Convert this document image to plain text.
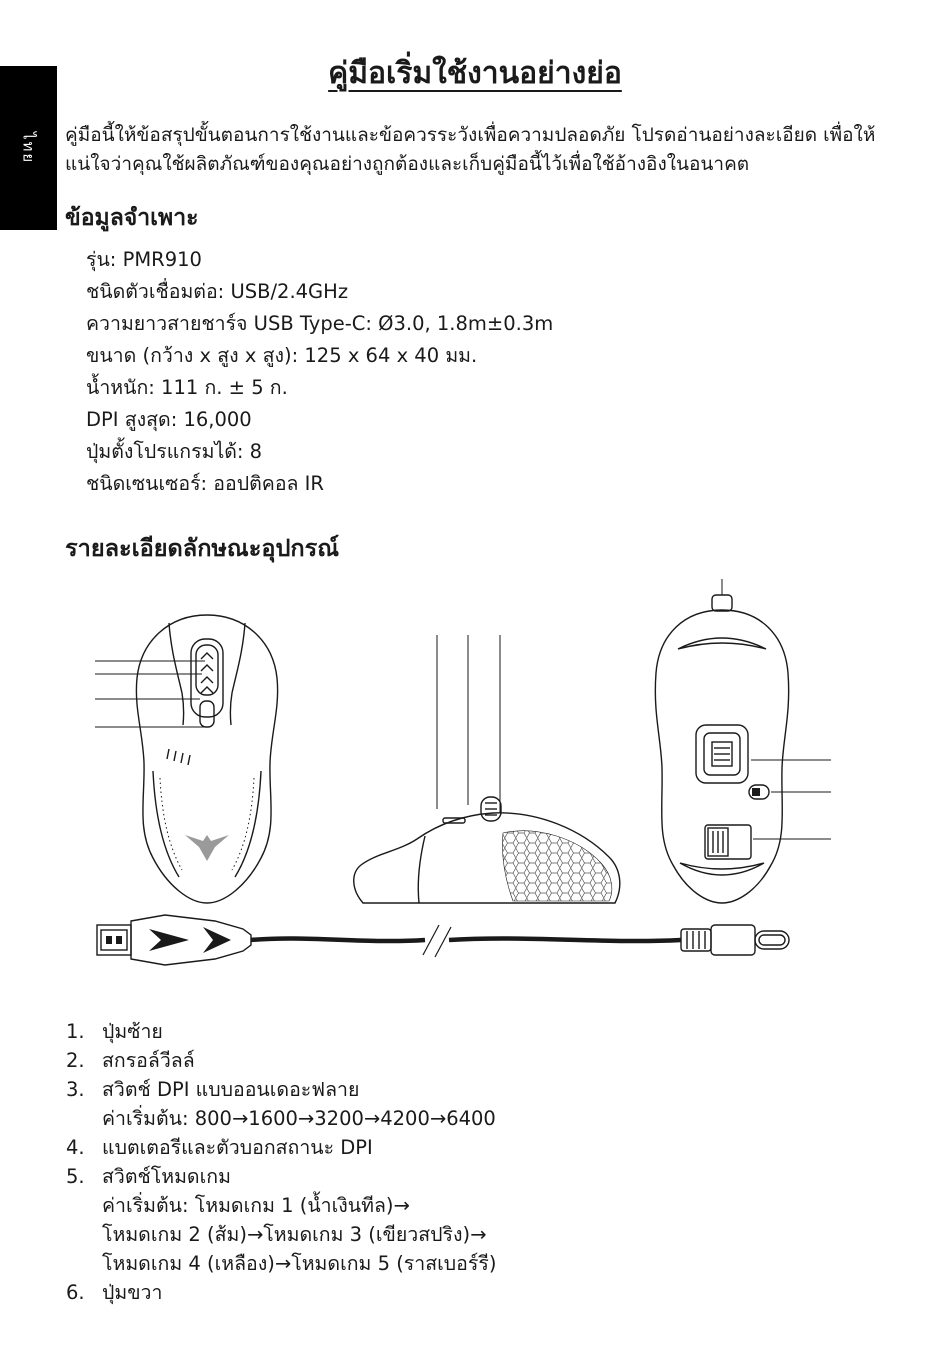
ไทย
คู่มือเริ่มใช้งานอย่างย่อ

คู่มือนี้ให้ข้อสรุปขั้นตอนการใช้งานและข้อควรระวังเพื่อความปลอดภัย โปรดอ่านอย่างละเอียด เพื่อให้แน่ใจว่าคุณใช้ผลิตภัณฑ์ของคุณอย่างถูกต้องและเก็บคู่มือนี้ไว้เพื่อใช้อ้างอิงในอนาคต

ข้อมูลจำเพาะ
รุ่น: PMR910
ชนิดตัวเชื่อมต่อ: USB/2.4GHz
ความยาวสายชาร์จ USB Type-C: Ø3.0, 1.8m±0.3m
ขนาด (กว้าง x สูง x สูง): 125 x 64 x 40 มม.
น้ำหนัก: 111 ก. ± 5 ก.
DPI สูงสุด: 16,000
ปุ่มตั้งโปรแกรมได้: 8
ชนิดเซนเซอร์: ออปติคอล IR
รายละเอียดลักษณะอุปกรณ์
1. ปุ่มซ้าย
2. สกรอล์วีลล์
3. สวิตช์ DPI แบบออนเดอะฟลาย
ค่าเริ่มต้น: 800→1600→3200→4200→6400
4. แบตเตอรีและตัวบอกสถานะ DPI
5. สวิตช์โหมดเกม
ค่าเริ่มต้น: โหมดเกม 1 (น้ำเงินทีล)→
โหมดเกม 2 (ส้ม)→โหมดเกม 3 (เขียวสปริง)→
โหมดเกม 4 (เหลือง)→โหมดเกม 5 (ราสเบอร์รี)
6. ปุ่มขวา
